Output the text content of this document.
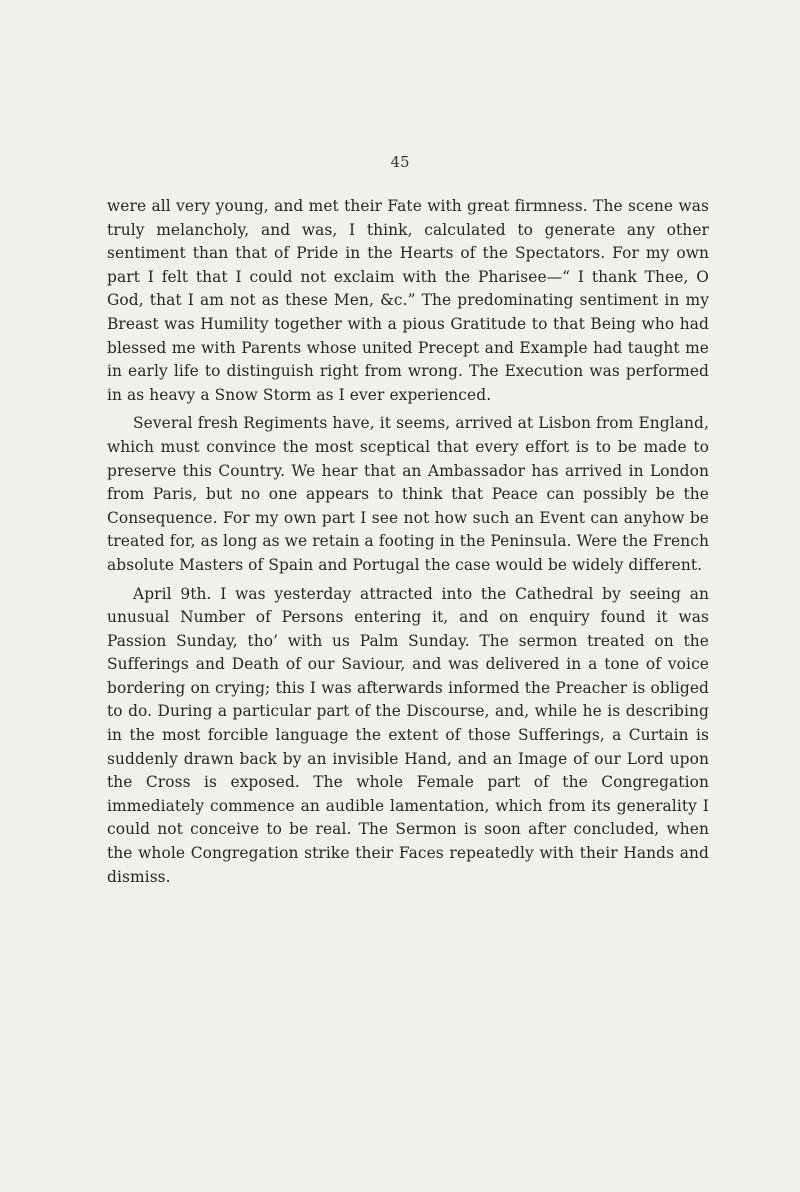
45

were all very young, and met their Fate with great firmness. The scene was truly melancholy, and was, I think, calculated to generate any other sentiment than that of Pride in the Hearts of the Spectators. For my own part I felt that I could not exclaim with the Pharisee—“ I thank Thee, O God, that I am not as these Men, &c.” The predominating sentiment in my Breast was Humility together with a pious Gratitude to that Being who had blessed me with Parents whose united Precept and Example had taught me in early life to distinguish right from wrong. The Execution was performed in as heavy a Snow Storm as I ever experienced.

Several fresh Regiments have, it seems, arrived at Lisbon from England, which must convince the most sceptical that every effort is to be made to preserve this Country. We hear that an Ambassador has arrived in London from Paris, but no one appears to think that Peace can possibly be the Consequence. For my own part I see not how such an Event can anyhow be treated for, as long as we retain a footing in the Peninsula. Were the French absolute Masters of Spain and Portugal the case would be widely different.

April 9th. I was yesterday attracted into the Cathedral by seeing an unusual Number of Persons entering it, and on enquiry found it was Passion Sunday, tho’ with us Palm Sunday. The sermon treated on the Sufferings and Death of our Saviour, and was delivered in a tone of voice bordering on crying; this I was afterwards informed the Preacher is obliged to do. During a particular part of the Discourse, and, while he is describing in the most forcible language the extent of those Sufferings, a Curtain is suddenly drawn back by an invisible Hand, and an Image of our Lord upon the Cross is exposed. The whole Female part of the Congregation immediately commence an audible lamentation, which from its generality I could not conceive to be real. The Sermon is soon after concluded, when the whole Congregation strike their Faces repeatedly with their Hands and dismiss.
